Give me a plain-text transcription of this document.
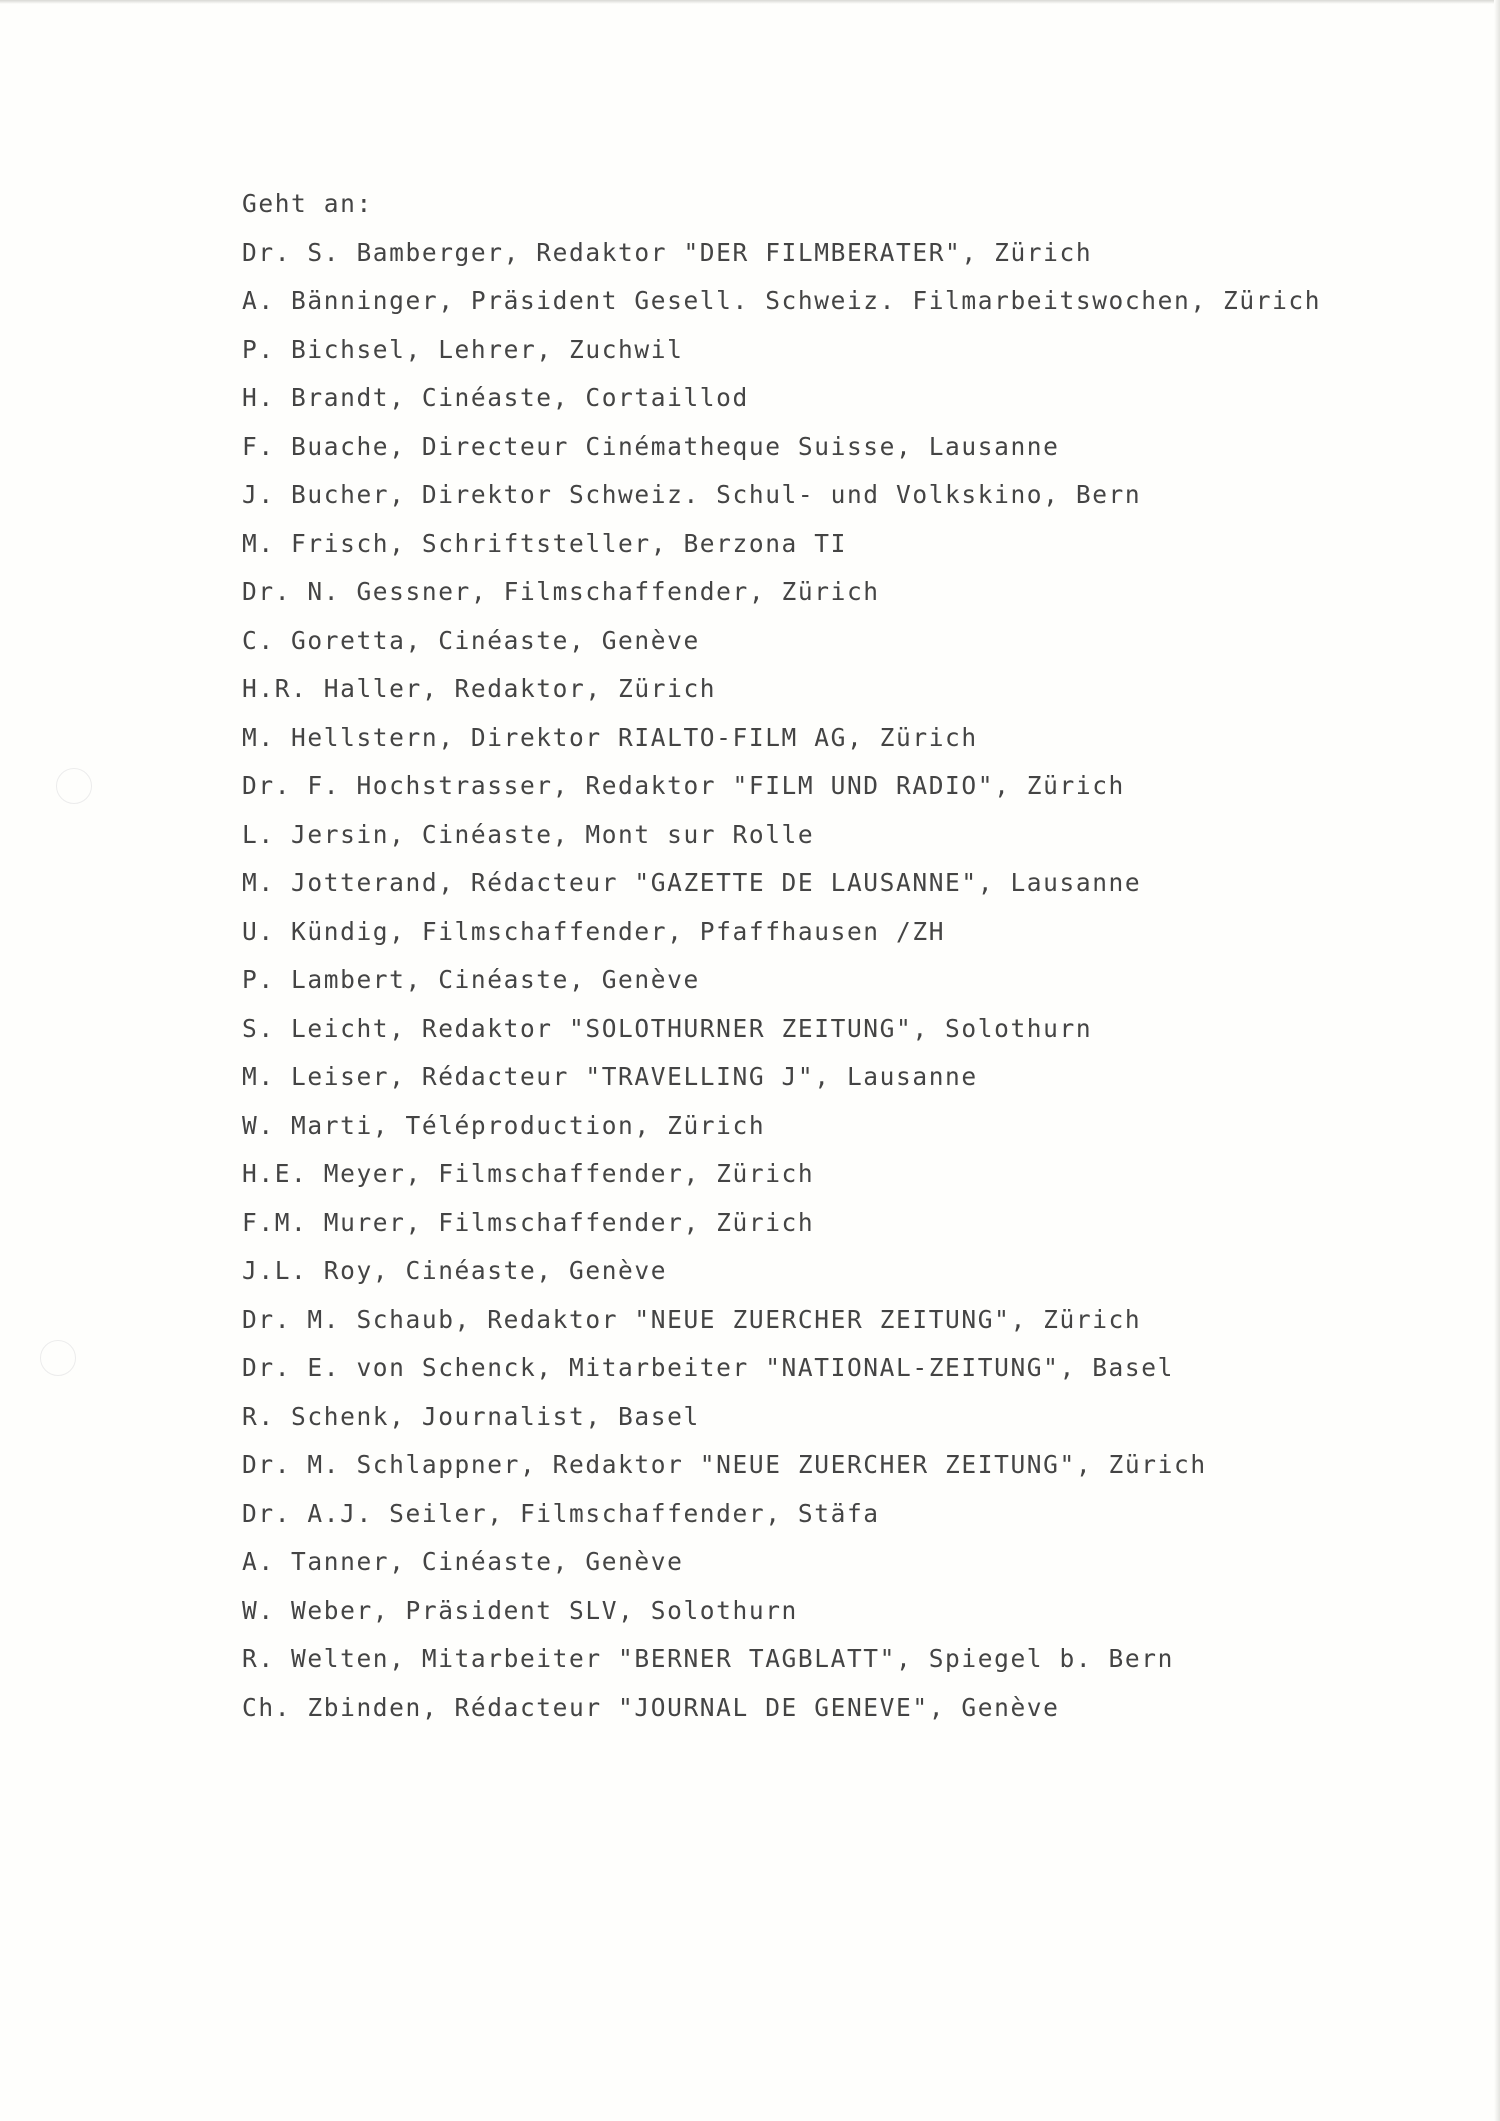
Geht an:
Dr. S. Bamberger, Redaktor "DER FILMBERATER", Zürich
A. Bänninger, Präsident Gesell. Schweiz. Filmarbeitswochen, Zürich
P. Bichsel, Lehrer, Zuchwil
H. Brandt, Cinéaste, Cortaillod
F. Buache, Directeur Cinématheque Suisse, Lausanne
J. Bucher, Direktor Schweiz. Schul- und Volkskino, Bern
M. Frisch, Schriftsteller, Berzona TI
Dr. N. Gessner, Filmschaffender, Zürich
C. Goretta, Cinéaste, Genève
H.R. Haller, Redaktor, Zürich
M. Hellstern, Direktor RIALTO-FILM AG, Zürich
Dr. F. Hochstrasser, Redaktor "FILM UND RADIO", Zürich
L. Jersin, Cinéaste, Mont sur Rolle
M. Jotterand, Rédacteur "GAZETTE DE LAUSANNE", Lausanne
U. Kündig, Filmschaffender, Pfaffhausen /ZH
P. Lambert, Cinéaste, Genève
S. Leicht, Redaktor "SOLOTHURNER ZEITUNG", Solothurn
M. Leiser, Rédacteur "TRAVELLING J", Lausanne
W. Marti, Téléproduction, Zürich
H.E. Meyer, Filmschaffender, Zürich
F.M. Murer, Filmschaffender, Zürich
J.L. Roy, Cinéaste, Genève
Dr. M. Schaub, Redaktor "NEUE ZUERCHER ZEITUNG", Zürich
Dr. E. von Schenck, Mitarbeiter "NATIONAL-ZEITUNG", Basel
R. Schenk, Journalist, Basel
Dr. M. Schlappner, Redaktor "NEUE ZUERCHER ZEITUNG", Zürich
Dr. A.J. Seiler, Filmschaffender, Stäfa
A. Tanner, Cinéaste, Genève
W. Weber, Präsident SLV, Solothurn
R. Welten, Mitarbeiter "BERNER TAGBLATT", Spiegel b. Bern
Ch. Zbinden, Rédacteur "JOURNAL DE GENEVE", Genève
